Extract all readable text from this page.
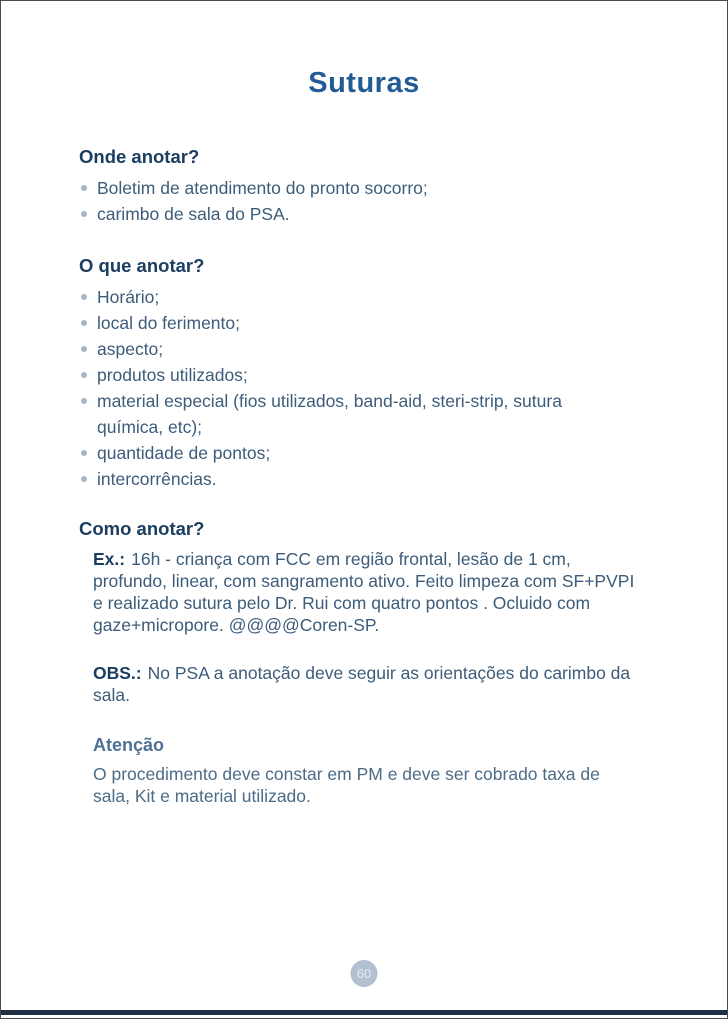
Suturas
Onde anotar?
Boletim de atendimento do pronto socorro;
carimbo de sala do PSA.
O que anotar?
Horário;
local do ferimento;
aspecto;
produtos utilizados;
material especial (fios utilizados, band-aid, steri-strip, sutura química, etc);
quantidade de pontos;
intercorrências.
Como anotar?

Ex.: 16h - criança com FCC em região frontal, lesão de 1 cm, profundo, linear, com sangramento ativo. Feito limpeza com SF+PVPI e realizado sutura pelo Dr. Rui com quatro pontos . Ocluido com gaze+micropore. @@@@Coren-SP.

OBS.: No PSA a anotação deve seguir as orientações do carimbo da sala.

Atenção

O procedimento deve constar em PM e deve ser cobrado taxa de sala, Kit e material utilizado.

60
